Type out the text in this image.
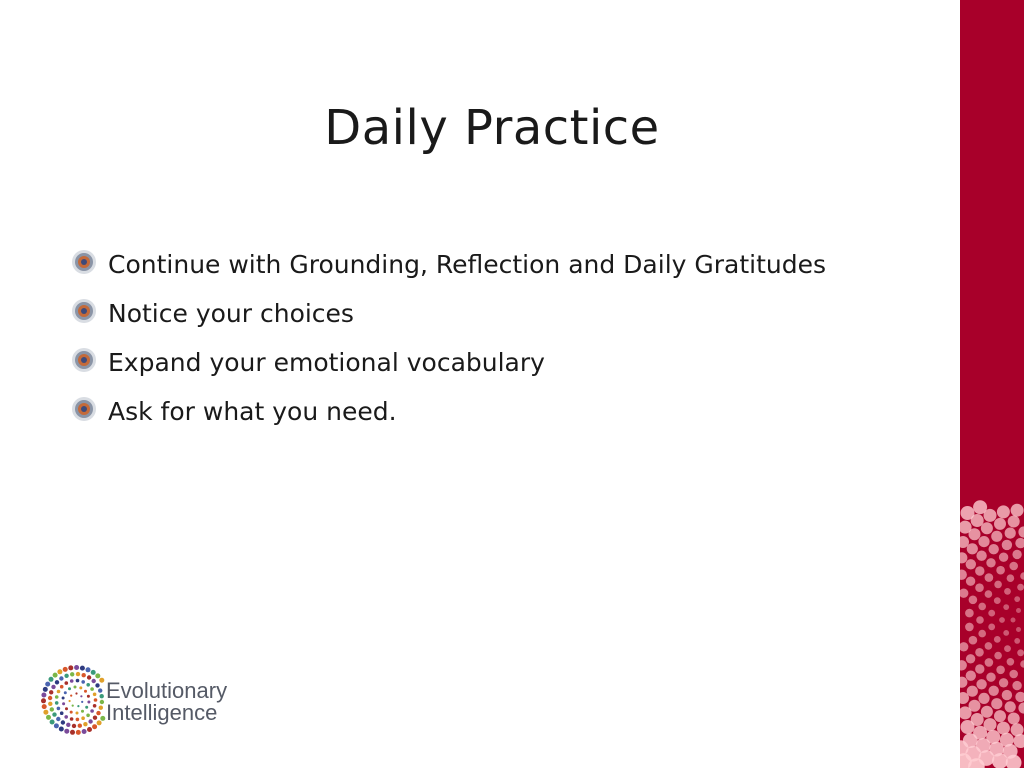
Daily Practice
Continue with Grounding, Reflection and Daily Gratitudes
Notice your choices
Expand your emotional vocabulary
Ask for what you need.
Evolutionary
Intelligence
